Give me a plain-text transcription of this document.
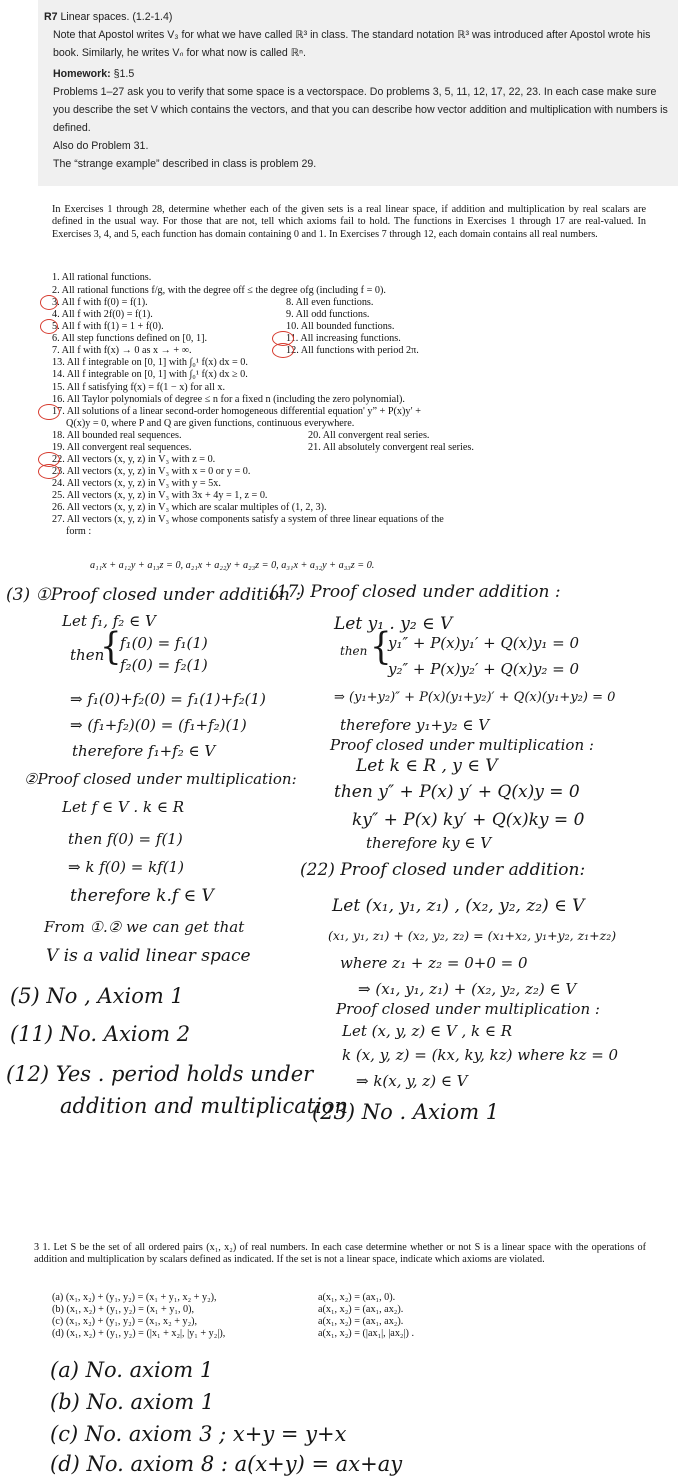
R7 Linear spaces. (1.2-1.4)

Note that Apostol writes V₃ for what we have called ℝ³ in class. The standard notation ℝ³ was introduced after Apostol wrote his book. Similarly, he writes Vₙ for what now is called ℝⁿ.

Homework: §1.5

Problems 1–27 ask you to verify that some space is a vectorspace. Do problems 3, 5, 11, 12, 17, 22, 23. In each case make sure you describe the set V which contains the vectors, and that you can describe how vector addition and multiplication with numbers is defined.

Also do Problem 31.

The “strange example” described in class is problem 29.

In Exercises 1 through 28, determine whether each of the given sets is a real linear space, if addition and multiplication by real scalars are defined in the usual way. For those that are not, tell which axioms fail to hold. The functions in Exercises 1 through 17 are real-valued. In Exercises 3, 4, and 5, each function has domain containing 0 and 1. In Exercises 7 through 12, each domain contains all real numbers.

1. All rational functions.
2. All rational functions f/g, with the degree off ≤ the degree ofg (including f = 0).
3. All f with f(0) = f(1).
4. All f with 2f(0) = f(1).
5. All f with f(1) = 1 + f(0).
6. All step functions defined on [0, 1].
7. All f with f(x) → 0 as x → + ∞.
8. All even functions.
9. All odd functions.
10. All bounded functions.
11. All increasing functions.
12. All functions with period 2π.
13. All f integrable on [0, 1] with ∫₀¹ f(x) dx = 0.
14. All f integrable on [0, 1] with ∫₀¹ f(x) dx ≥ 0.
15. All f satisfying f(x) = f(1 − x) for all x.
16. All Taylor polynomials of degree ≤ n for a fixed n (including the zero polynomial).
17. All solutions of a linear second-order homogeneous differential equation' y” + P(x)y′ +
Q(x)y = 0, where P and Q are given functions, continuous everywhere.
18. All bounded real sequences.
19. All convergent real sequences.
20. All convergent real series.
21. All absolutely convergent real series.
22. All vectors (x, y, z) in V₃ with z = 0.
23. All vectors (x, y, z) in V₃ with x = 0 or y = 0.
24. All vectors (x, y, z) in V₃ with y = 5x.
25. All vectors (x, y, z) in V₃ with 3x + 4y = 1, z = 0.
26. All vectors (x, y, z) in V₃ which are scalar multiples of (1, 2, 3).
27. All vectors (x, y, z) in V₃ whose components satisfy a system of three linear equations of the
form :
a₁₁x + a₁₂y + a₁₃z = 0, a₂₁x + a₂₂y + a₂₃z = 0, a₃₁x + a₃₂y + a₃₃z = 0.
(3) ①Proof closed under addition :
Let f₁, f₂ ∈ V
then
{
f₁(0) = f₁(1)
f₂(0) = f₂(1)
⇒ f₁(0)+f₂(0) = f₁(1)+f₂(1)
⇒ (f₁+f₂)(0) = (f₁+f₂)(1)
therefore f₁+f₂ ∈ V
②Proof closed under multiplication:
Let f ∈ V . k ∈ R
then f(0) = f(1)
⇒ k f(0) = kf(1)
therefore k.f ∈ V
From ①.② we can get that
V is a valid linear space
(5) No , Axiom 1
(11) No. Axiom 2
(12) Yes . period holds under
addition and multiplication
(17) Proof closed under addition :
Let y₁ . y₂ ∈ V
then {
y₁″ + P(x)y₁′ + Q(x)y₁ = 0
y₂″ + P(x)y₂′ + Q(x)y₂ = 0
⇒ (y₁+y₂)″ + P(x)(y₁+y₂)′ + Q(x)(y₁+y₂) = 0
therefore y₁+y₂ ∈ V
Proof closed under multiplication :
Let k ∈ R , y ∈ V
then y″ + P(x) y′ + Q(x)y = 0
ky″ + P(x) ky′ + Q(x)ky = 0
therefore ky ∈ V
(22) Proof closed under addition:
Let (x₁, y₁, z₁) , (x₂, y₂, z₂) ∈ V
(x₁, y₁, z₁) + (x₂, y₂, z₂) = (x₁+x₂, y₁+y₂, z₁+z₂)
where z₁ + z₂ = 0+0 = 0
⇒ (x₁, y₁, z₁) + (x₂, y₂, z₂) ∈ V
Proof closed under multiplication :
Let (x, y, z) ∈ V , k ∈ R
k (x, y, z) = (kx, ky, kz) where kz = 0
⇒ k(x, y, z) ∈ V
(23) No . Axiom 1

3 1. Let S be the set of all ordered pairs (x₁, x₂) of real numbers. In each case determine whether or not S is a linear space with the operations of addition and multiplication by scalars defined as indicated. If the set is not a linear space, indicate which axioms are violated.

(a) (x₁, x₂) + (y₁, y₂) = (x₁ + y₁, x₂ + y₂),	a(x₁, x₂) = (ax₁, 0).
(b) (x₁, x₂) + (y₁, y₂) = (x₁ + y₁, 0),	a(x₁, x₂) = (ax₁, ax₂).
(c) (x₁, x₂) + (y₁, y₂) = (x₁, x₂ + y₂),	a(x₁, x₂) = (ax₁, ax₂).
(d) (x₁, x₂) + (y₁, y₂) = (|x₁ + x₂|, |y₁ + y₂|),	a(x₁, x₂) = (|ax₁|, |ax₂|) .
(a) No. axiom 1
(b) No. axiom 1
(c) No. axiom 3 ; x+y = y+x
(d) No. axiom 8 : a(x+y) = ax+ay
